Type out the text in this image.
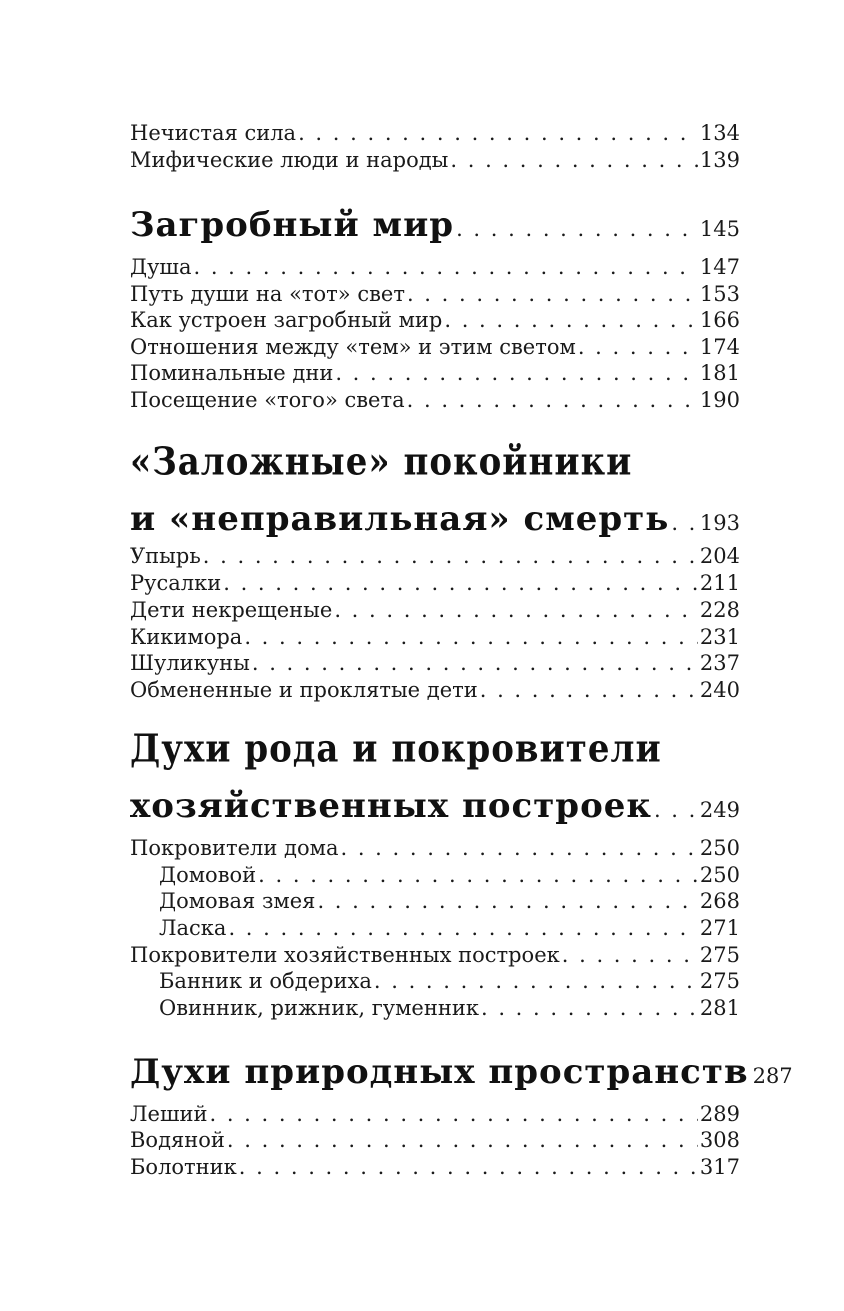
Нечистая сила . . .	134
Мифические люди и народы . . .	139
Загробный мир . . .	145
Душа . . .	147
Путь души на «тот» свет . . .	153
Как устроен загробный мир . . .	166
Отношения между «тем» и этим светом . . .	174
Поминальные дни . . .	181
Посещение «того» света . . .	190
«Заложные» покойники
и «неправильная» смерть . . . 193
Упырь . . .	204
Русалки . . .	211
Дети некрещеные . . .	228
Кикимора . . .	231
Шуликуны . . .	237
Обмененные и проклятые дети . . .	240
Духи рода и покровители
хозяйственных построек . . . 249
Покровители дома . . .	250
Домовой . . .	250
Домовая змея . . .	268
Ласка . . .	271
Покровители хозяйственных построек . . .	275
Банник и обдериха . . .	275
Овинник, рижник, гуменник . . .	281
Духи природных пространств 287
Леший . . .	289
Водяной . . .	308
Болотник . . .	317
